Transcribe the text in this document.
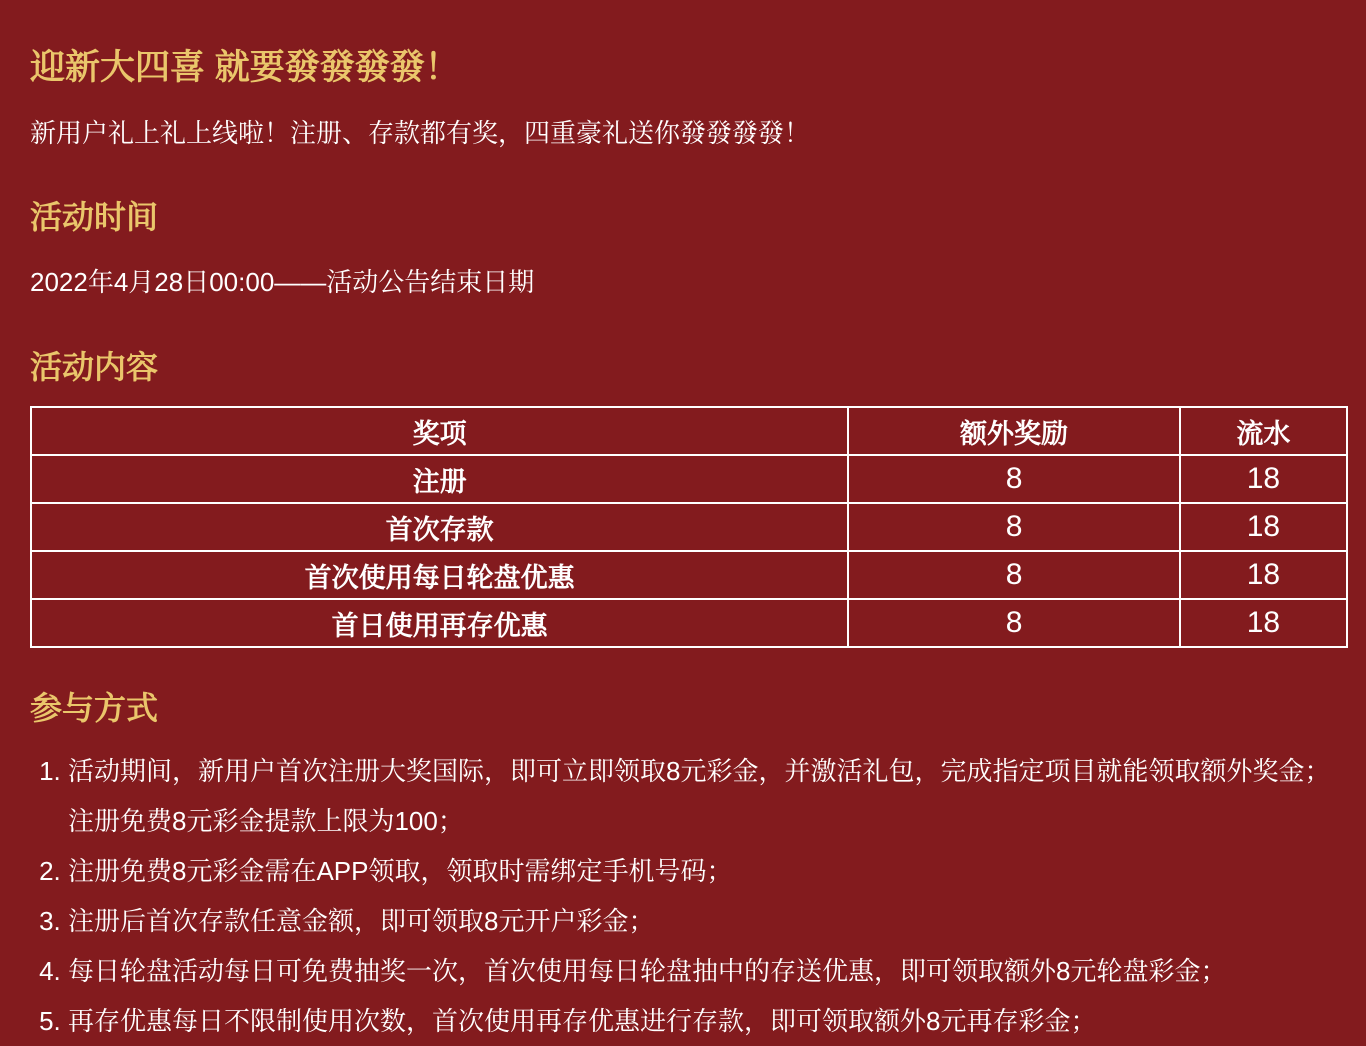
迎新大四喜 就要發發發發！

新用户礼上礼上线啦！注册、存款都有奖，四重豪礼送你發發發發！

活动时间

2022年4月28日00:00——活动公告结束日期

活动内容
奖项	额外奖励	流水
注册	8	18
首次存款	8	18
首次使用每日轮盘优惠	8	18
首日使用再存优惠	8	18
参与方式
1. 活动期间，新用户首次注册大奖国际，即可立即领取8元彩金，并激活礼包，完成指定项目就能领取额外奖金；注册免费8元彩金提款上限为100；
2. 注册免费8元彩金需在APP领取，领取时需绑定手机号码；
3. 注册后首次存款任意金额，即可领取8元开户彩金；
4. 每日轮盘活动每日可免费抽奖一次，首次使用每日轮盘抽中的存送优惠，即可领取额外8元轮盘彩金；
5. 再存优惠每日不限制使用次数，首次使用再存优惠进行存款，即可领取额外8元再存彩金；
